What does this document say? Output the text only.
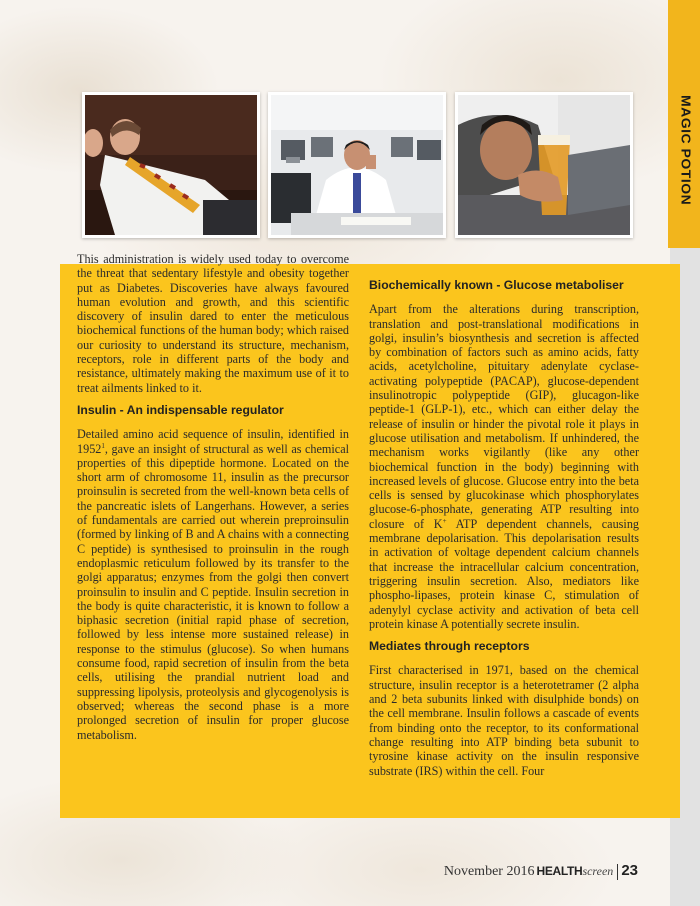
MAGIC POTION

This administration is widely used today to overcome the threat that sedentary lifestyle and obesity together put as Diabetes. Discoveries have always favoured human evolution and growth, and this scientific discovery of insulin dared to enter the meticulous biochemical functions of the human body; which raised our curiosity to understand its structure, mechanism, receptors, role in different parts of the body and resistance, ultimately making the maximum use of it to treat ailments linked to it.

Insulin - An indispensable regulator

Detailed amino acid sequence of insulin, identified in 1952$^1$, gave an insight of structural as well as chemical properties of this dipeptide hormone. Located on the short arm of chromosome 11, insulin as the precursor proinsulin is secreted from the well-known beta cells of the pancreatic islets of Langerhans. However, a series of fundamentals are carried out wherein preproinsulin (formed by linking of B and A chains with a connecting C peptide) is synthesised to proinsulin in the rough endoplasmic reticulum followed by its transfer to the golgi apparatus; enzymes from the golgi then convert proinsulin to insulin and C peptide. Insulin secretion in the body is quite characteristic, it is known to follow a biphasic secretion (initial rapid phase of secretion, followed by less intense more sustained release) in response to the stimulus (glucose). So when humans consume food, rapid secretion of insulin from the beta cells, utilising the prandial nutrient load and suppressing lipolysis, proteolysis and glycogenolysis is observed; whereas the second phase is a more prolonged secretion of insulin for proper glucose metabolism.

Biochemically known - Glucose metaboliser

Apart from the alterations during transcription, translation and post-translational modifications in golgi, insulin’s biosynthesis and secretion is affected by combination of factors such as amino acids, fatty acids, acetylcholine, pituitary adenylate cyclase-activating polypeptide (PACAP), glucose-dependent insulinotropic polypeptide (GIP), glucagon-like peptide-1 (GLP-1), etc., which can either delay the release of insulin or hinder the pivotal role it plays in glucose utilisation and metabolism. If unhindered, the mechanism works vigilantly (like any other biochemical function in the body) beginning with increased levels of glucose. Glucose entry into the beta cells is sensed by glucokinase which phosphorylates glucose-6-phosphate, generating ATP resulting into closure of K+ ATP dependent channels, causing membrane depolarisation. This depolarisation results in activation of voltage dependent calcium channels that increase the intracellular calcium concentration, triggering insulin secretion. Also, mediators like phospho-lipases, protein kinase C, stimulation of adenylyl cyclase activity and activation of beta cell protein kinase A potentially secrete insulin.

Mediates through receptors

First characterised in 1971, based on the chemical structure, insulin receptor is a heterotetramer (2 alpha and 2 beta subunits linked with disulphide bonds) on the cell membrane. Insulin follows a cascade of events from binding onto the receptor, to its conformational change resulting into ATP binding beta subunit to tyrosine kinase activity on the insulin responsive substrate (IRS) within the cell. Four

November 2016 HEALTH screen 23
